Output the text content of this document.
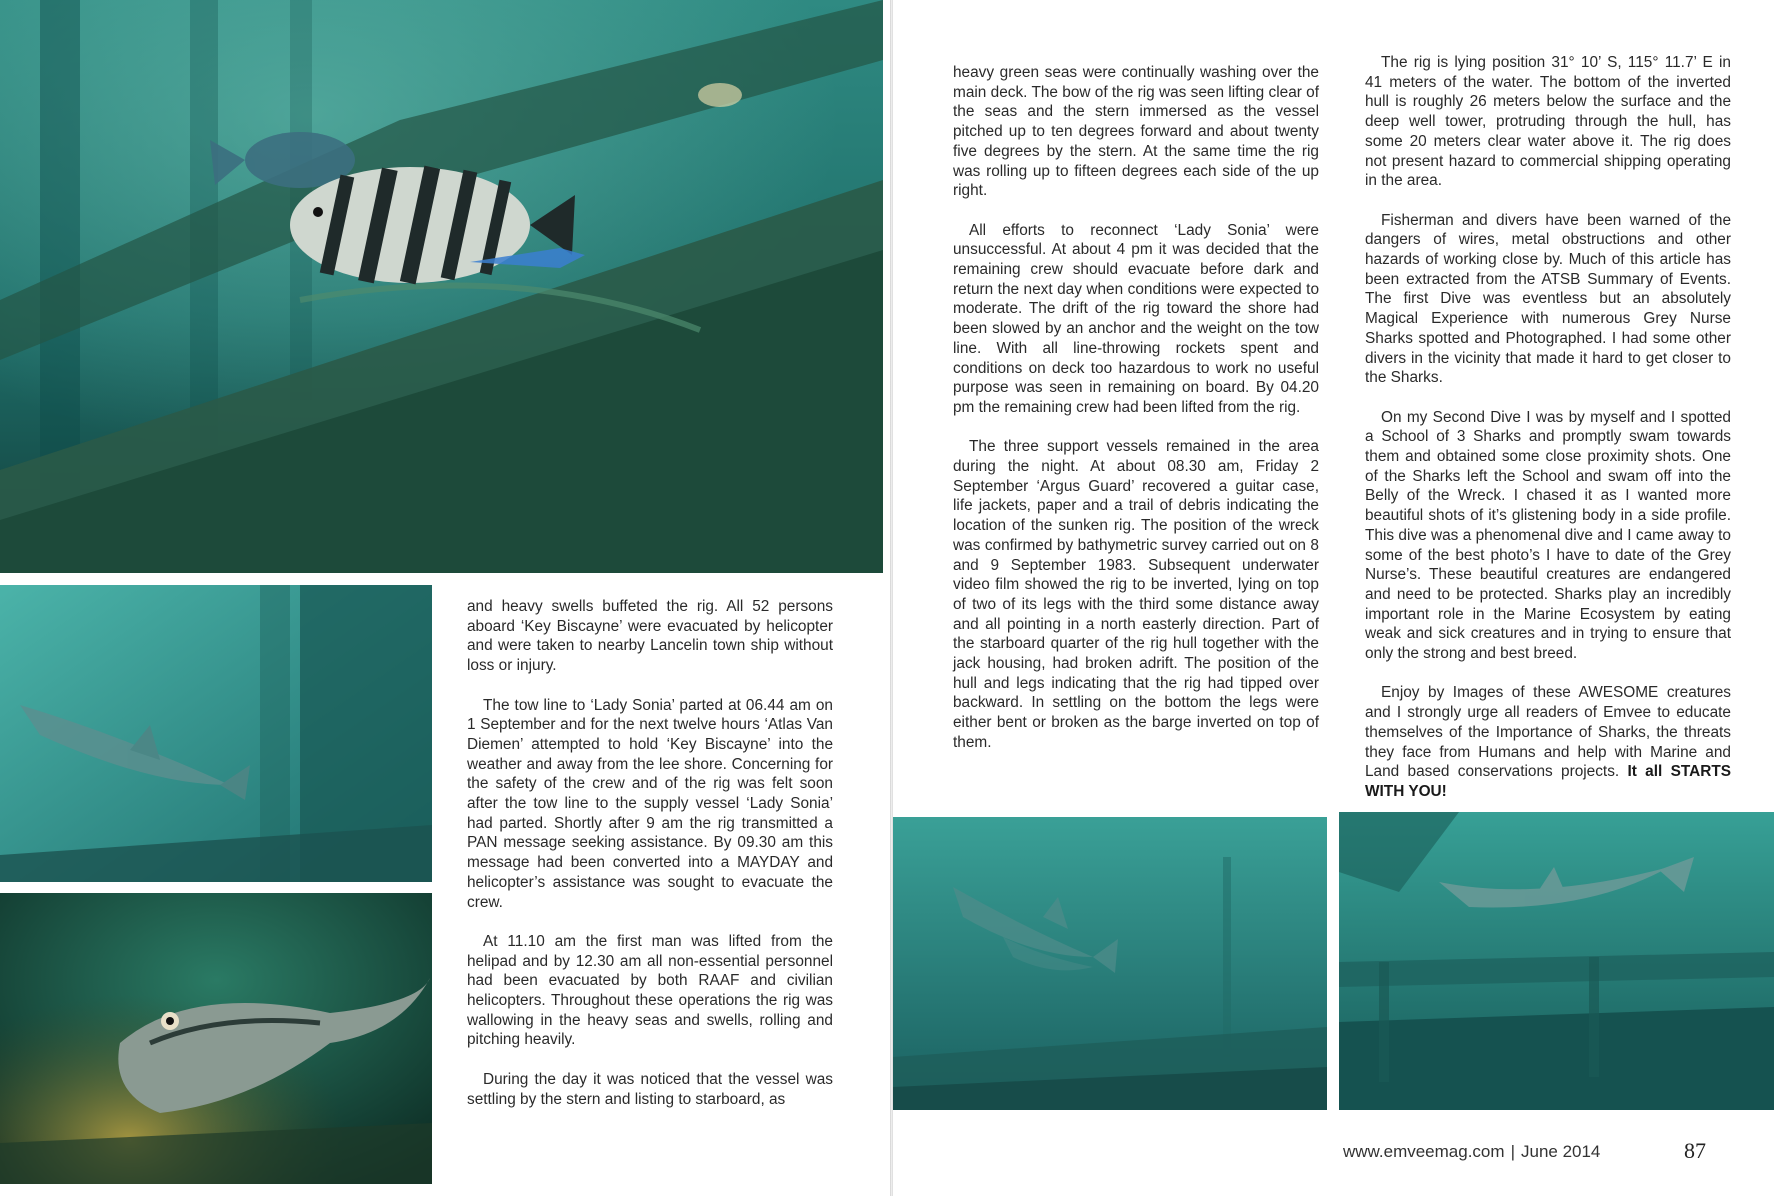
and heavy swells buffeted the rig. All 52 persons aboard ‘Key Biscayne’ were evacuated by helicopter and were taken to nearby Lancelin town ship without loss or injury.

The tow line to ‘Lady Sonia’ parted at 06.44 am on 1 September and for the next twelve hours ‘Atlas Van Diemen’ attempted to hold ‘Key Biscayne’ into the weather and away from the lee shore. Concerning for the safety of the crew and of the rig was felt soon after the tow line to the supply vessel ‘Lady Sonia’ had parted. Shortly after 9 am the rig transmitted a PAN message seeking assistance. By 09.30 am this message had been converted into a MAYDAY and helicopter’s assistance was sought to evacuate the crew.

At 11.10 am the first man was lifted from the helipad and by 12.30 am all non-essential personnel had been evacuated by both RAAF and civilian helicopters. Throughout these operations the rig was wallowing in the heavy seas and swells, rolling and pitching heavily.

During the day it was noticed that the vessel was settling by the stern and listing to starboard, as

heavy green seas were continually washing over the main deck. The bow of the rig was seen lifting clear of the seas and the stern immersed as the vessel pitched up to ten degrees forward and about twenty five degrees by the stern. At the same time the rig was rolling up to fifteen degrees each side of the up right.

All efforts to reconnect ‘Lady Sonia’ were unsuccessful. At about 4 pm it was decided that the remaining crew should evacuate before dark and return the next day when conditions were expected to moderate. The drift of the rig toward the shore had been slowed by an anchor and the weight on the tow line. With all line-throwing rockets spent and conditions on deck too hazardous to work no useful purpose was seen in remaining on board. By 04.20 pm the remaining crew had been lifted from the rig.

The three support vessels remained in the area during the night. At about 08.30 am, Friday 2 September ‘Argus Guard’ recovered a guitar case, life jackets, paper and a trail of debris indicating the location of the sunken rig. The position of the wreck was confirmed by bathymetric survey carried out on 8 and 9 September 1983. Subsequent underwater video film showed the rig to be inverted, lying on top of two of its legs with the third some distance away and all pointing in a north easterly direction. Part of the starboard quarter of the rig hull together with the jack housing, had broken adrift. The position of the hull and legs indicating that the rig had tipped over backward. In settling on the bottom the legs were either bent or broken as the barge inverted on top of them.

The rig is lying position 31° 10’ S, 115° 11.7’ E in 41 meters of the water. The bottom of the inverted hull is roughly 26 meters below the surface and the deep well tower, protruding through the hull, has some 20 meters clear water above it. The rig does not present hazard to commercial shipping operating in the area.

Fisherman and divers have been warned of the dangers of wires, metal obstructions and other hazards of working close by. Much of this article has been extracted from the ATSB Summary of Events. The first Dive was eventless but an absolutely Magical Experience with numerous Grey Nurse Sharks spotted and Photographed. I had some other divers in the vicinity that made it hard to get closer to the Sharks.

On my Second Dive I was by myself and I spotted a School of 3 Sharks and promptly swam towards them and obtained some close proximity shots. One of the Sharks left the School and swam off into the Belly of the Wreck. I chased it as I wanted more beautiful shots of it’s glistening body in a side profile. This dive was a phenomenal dive and I came away to some of the best photo’s I have to date of the Grey Nurse’s. These beautiful creatures are endangered and need to be protected. Sharks play an incredibly important role in the Marine Ecosystem by eating weak and sick creatures and in trying to ensure that only the strong and best breed.

Enjoy by Images of these AWESOME creatures and I strongly urge all readers of Emvee to educate themselves of the Importance of Sharks, the threats they face from Humans and help with Marine and Land based conservations projects. It all STARTS WITH YOU!

www.emveemag.com | June 2014	87
